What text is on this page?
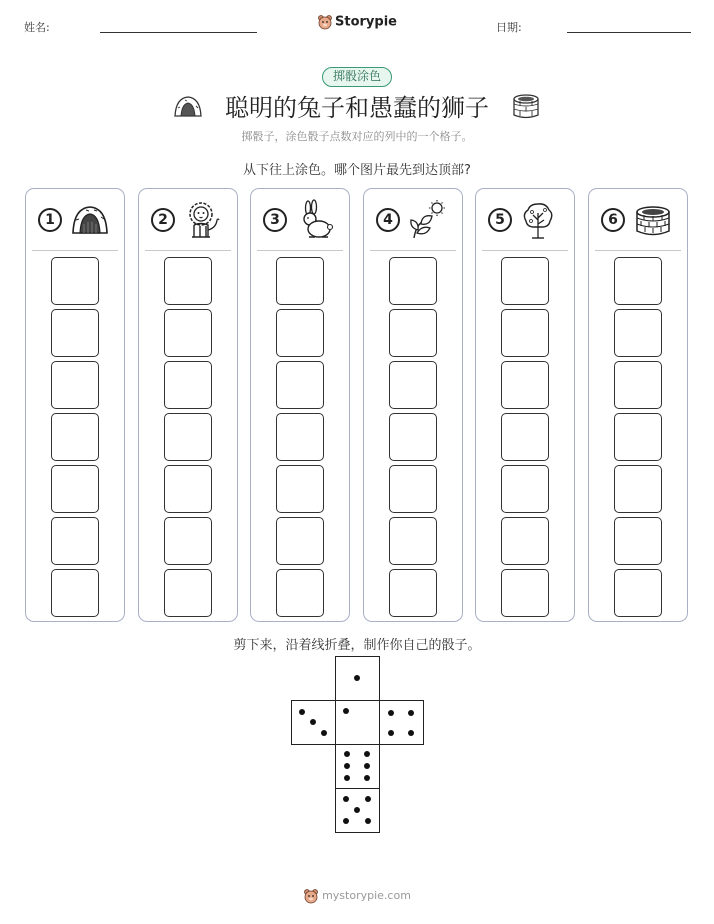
姓名:	Storypie	日期:
掷骰涂色
聪明的兔子和愚蠢的狮子
掷骰子，涂色骰子点数对应的列中的一个格子。
从下往上涂色。哪个图片最先到达顶部?
1	2	3	4	5	6
剪下来，沿着线折叠，制作你自己的骰子。
mystorypie.com
